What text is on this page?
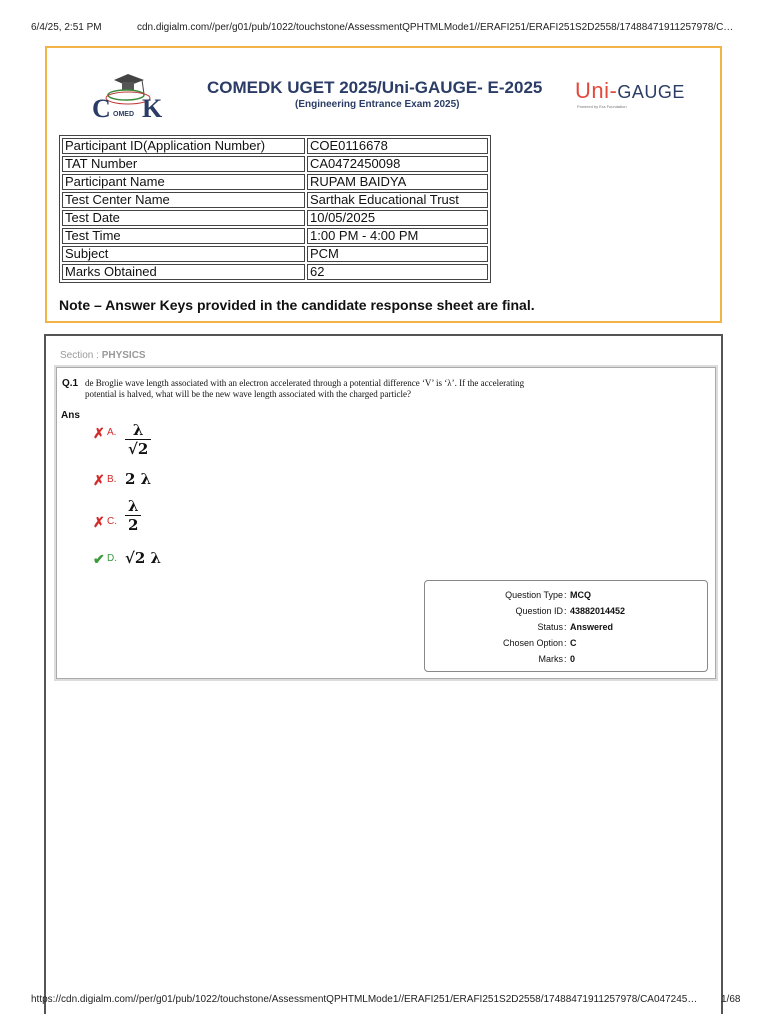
6/4/25, 2:51 PM	cdn.digialm.com//per/g01/pub/1022/touchstone/AssessmentQPHTMLMode1//ERAFI251/ERAFI251S2D2558/17488471911257978/C…
C OMED K
COMEDK UGET 2025/Uni-GAUGE- E-2025
(Engineering Entrance Exam 2025)
Uni-GAUGE
Powered by Era Foundation
Participant ID(Application Number)	COE0116678
TAT Number	CA0472450098
Participant Name	RUPAM BAIDYA
Test Center Name	Sarthak Educational Trust
Test Date	10/05/2025
Test Time	1:00 PM - 4:00 PM
Subject	PCM
Marks Obtained	62
Note – Answer Keys provided in the candidate response sheet are final.
Section : PHYSICS
Q.1 de Broglie wave length associated with an electron accelerated through a potential difference ‘V’ is ‘λ’. If the accelerating potential is halved, what will be the new wave length associated with the charged particle?
Ans
✗ A. $\frac{\lambda}{√2}$
✗ B. 2 λ
✗ C. $\frac{\lambda}{2}$
✔ D. √2 λ
Question Type : MCQ
Question ID : 43882014452
Status : Answered
Chosen Option : C
Marks : 0
https://cdn.digialm.com//per/g01/pub/1022/touchstone/AssessmentQPHTMLMode1//ERAFI251/ERAFI251S2D2558/17488471911257978/CA047245… 1/68
